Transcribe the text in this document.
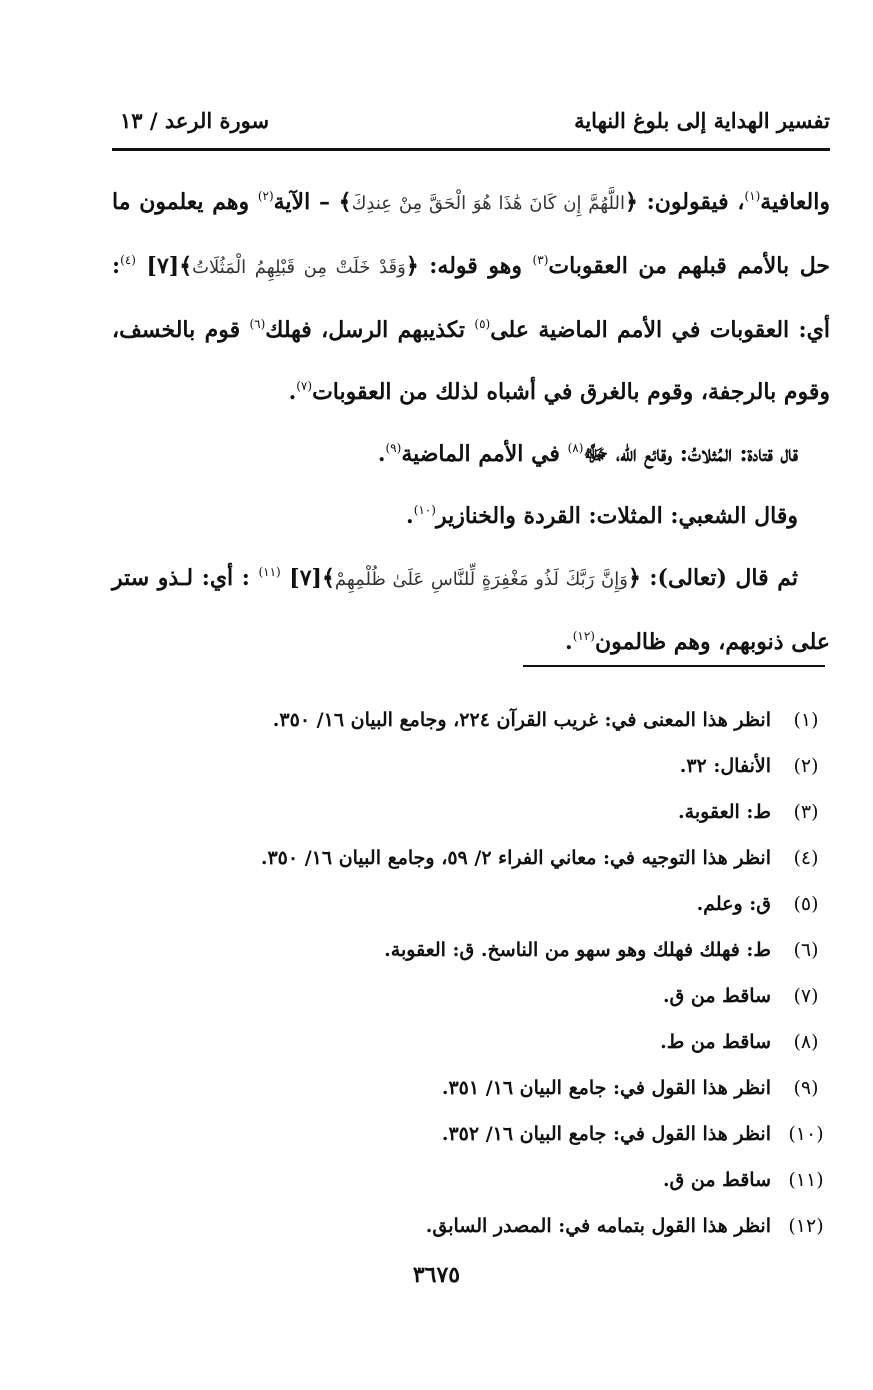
تفسير الهداية إلى بلوغ النهاية
سورة الرعد / ١٣

والعافية$^{(١)}$، فيقولون: ﴿اللَّهُمَّ إِن كَانَ هَٰذَا هُوَ الْحَقَّ مِنْ عِندِكَ﴾ – الآية$^{(٢)}$ وهم يعلمون ما حل بالأمم قبلهم من العقوبات$^{(٣)}$ وهو قوله: ﴿وَقَدْ خَلَتْ مِن قَبْلِهِمُ الْمَثُلَاتُ﴾[٧] $^{(٤)}$: أي: العقوبات في الأمم الماضية على$^{(٥)}$ تكذيبهم الرسل، فهلك$^{(٦)}$ قوم بالخسف، وقوم بالرجفة، وقوم بالغرق في أشباه لذلك من العقوبات$^{(٧)}$.

قال قتادة: المُثلاتُ: وقائع الله، ﷻ$^{(٨)}$ في الأمم الماضية$^{(٩)}$.

وقال الشعبي: المثلات: القردة والخنازير$^{(١٠)}$.

ثم قال (تعالى): ﴿وَإِنَّ رَبَّكَ لَذُو مَغْفِرَةٍ لِّلنَّاسِ عَلَىٰ ظُلْمِهِمْ﴾[٧] $^{(١١)}$ : أي: لـذو ستر على ذنوبهم، وهم ظالمون$^{(١٢)}$.

(١)
انظر هذا المعنى في: غريب القرآن ٢٢٤، وجامع البيان ١٦/ ٣٥٠.
(٢)
الأنفال: ٣٢.
(٣)
ط: العقوبة.
(٤)
انظر هذا التوجيه في: معاني الفراء ٢/ ٥٩، وجامع البيان ١٦/ ٣٥٠.
(٥)
ق: وعلم.
(٦)
ط: فهلك فهلك وهو سهو من الناسخ. ق: العقوبة.
(٧)
ساقط من ق.
(٨)
ساقط من ط.
(٩)
انظر هذا القول في: جامع البيان ١٦/ ٣٥١.
(١٠)
انظر هذا القول في: جامع البيان ١٦/ ٣٥٢.
(١١)
ساقط من ق.
(١٢)
انظر هذا القول بتمامه في: المصدر السابق.
٣٦٧٥
